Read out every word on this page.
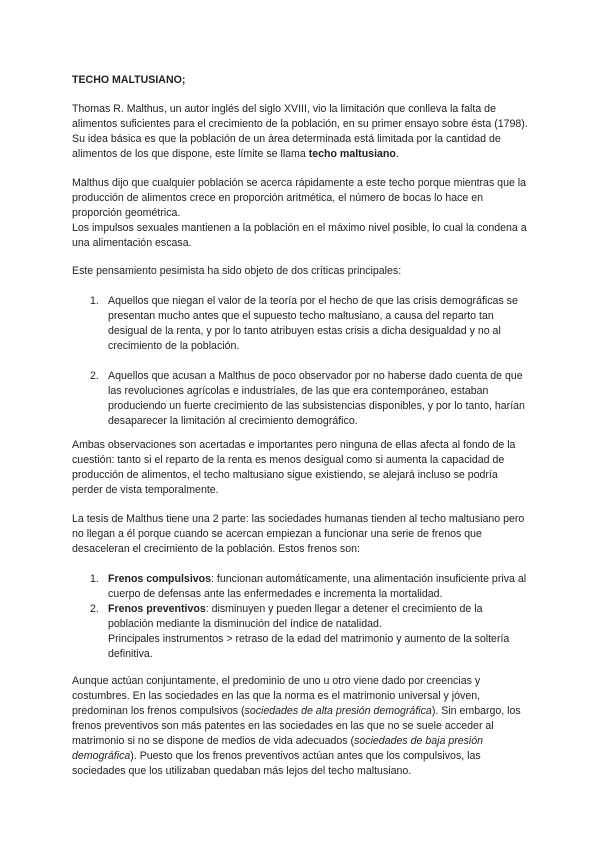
TECHO MALTUSIANO;

Thomas R. Malthus, un autor inglés del siglo XVIII, vio la limitación que conlleva la falta de alimentos suficientes para el crecimiento de la población, en su primer ensayo sobre ésta (1798). Su idea básica es que la población de un área determinada está limitada por la cantidad de alimentos de los que dispone, este límite se llama techo maltusiano.

Malthus dijo que cualquier población se acerca rápidamente a este techo porque mientras que la producción de alimentos crece en proporción aritmética, el número de bocas lo hace en proporción geométrica.
Los impulsos sexuales mantienen a la población en el máximo nivel posible, lo cual la condena a una alimentación escasa.

Este pensamiento pesimista ha sido objeto de dos críticas principales:

1. Aquellos que niegan el valor de la teoría por el hecho de que las crisis demográficas se presentan mucho antes que el supuesto techo maltusiano, a causa del reparto tan desigual de la renta, y por lo tanto atribuyen estas crisis a dicha desigualdad y no al crecimiento de la población.
2. Aquellos que acusan a Malthus de poco observador por no haberse dado cuenta de que las revoluciones agrícolas e industriales, de las que era contemporáneo, estaban produciendo un fuerte crecimiento de las subsistencias disponibles, y por lo tanto, harían desaparecer la limitación al crecimiento demográfico.

Ambas observaciones son acertadas e importantes pero ninguna de ellas afecta al fondo de la cuestión: tanto si el reparto de la renta es menos desigual como si aumenta la capacidad de producción de alimentos, el techo maltusiano sigue existiendo, se alejará incluso se podría perder de vista temporalmente.

La tesis de Malthus tiene una 2 parte: las sociedades humanas tienden al techo maltusiano pero no llegan a él porque cuando se acercan empiezan a funcionar una serie de frenos que desaceleran el crecimiento de la población. Estos frenos son:

1. Frenos compulsivos: funcionan automáticamente, una alimentación insuficiente priva al cuerpo de defensas ante las enfermedades e incrementa la mortalidad.
2. Frenos preventivos: disminuyen y pueden llegar a detener el crecimiento de la población mediante la disminución del índice de natalidad.
Principales instrumentos > retraso de la edad del matrimonio y aumento de la soltería definitiva.

Aunque actúan conjuntamente, el predominio de uno u otro viene dado por creencias y costumbres. En las sociedades en las que la norma es el matrimonio universal y jóven, predominan los frenos compulsivos (sociedades de alta presión demográfica). Sin embargo, los frenos preventivos son más patentes en las sociedades en las que no se suele acceder al matrimonio si no se dispone de medios de vida adecuados (sociedades de baja presión demográfica). Puesto que los frenos preventivos actúan antes que los compulsivos, las sociedades que los utilizaban quedaban más lejos del techo maltusiano.
